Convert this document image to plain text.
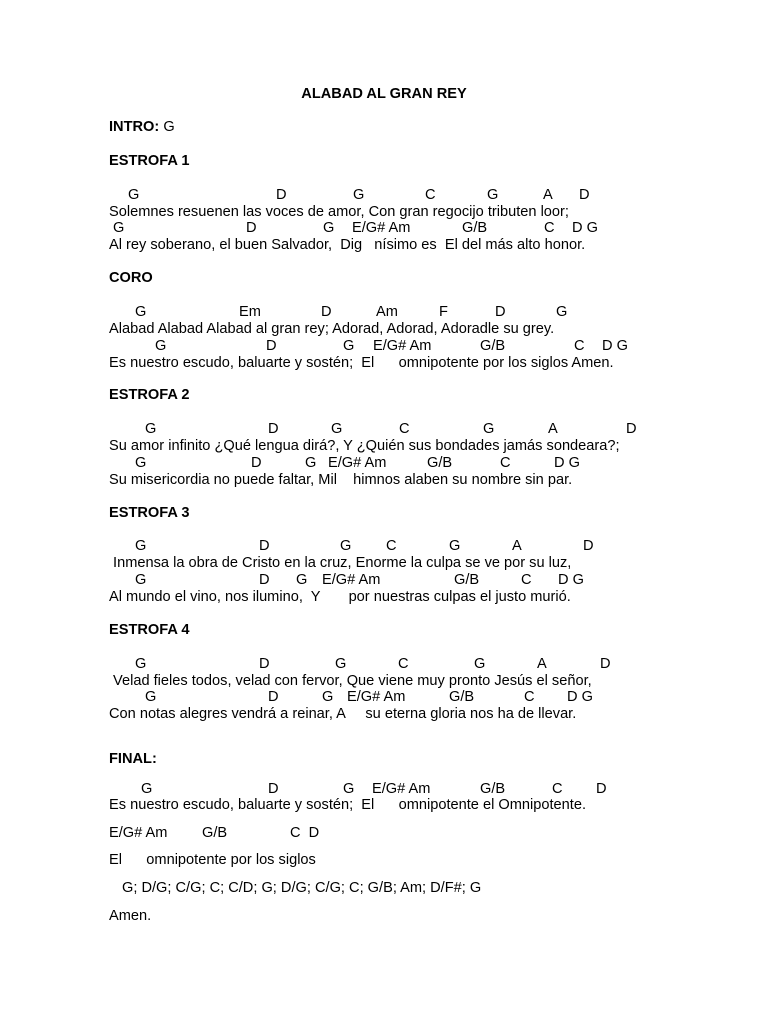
ALABAD AL GRAN REY
INTRO: G
ESTROFA 1
G	D	G	C	G	A D
Solemnes resuenen las voces de amor, Con gran regocijo tributen loor;
G	D	G E/G# Am	G/B	C D G
Al rey soberano, el buen Salvador,  Dig   nísimo es  El del más alto honor.
CORO
G	Em	D	Am	F	D	G
Alabad Alabad Alabad al gran rey; Adorad, Adorad, Adoradle su grey.
G	D	G E/G# Am	G/B	C D G
Es nuestro escudo, baluarte y sostén;  El      omnipotente por los siglos Amen.
ESTROFA 2
G	D	G	C	G	A	D
Su amor infinito ¿Qué lengua dirá?, Y ¿Quién sus bondades jamás sondeara?;
G	D	G E/G# Am	G/B	C	D G
Su misericordia no puede faltar, Mil    himnos alaben su nombre sin par.
ESTROFA 3
G	D	G C	G	A	D
Inmensa la obra de Cristo en la cruz, Enorme la culpa se ve por su luz,
G	D G E/G# Am	G/B	C D G
Al mundo el vino, nos ilumino,  Y       por nuestras culpas el justo murió.
ESTROFA 4
G	D	G	C	G	A	D
Velad fieles todos, velad con fervor, Que viene muy pronto Jesús el señor,
G	D	G E/G# Am	G/B	C D G
Con notas alegres vendrá a reinar, A     su eterna gloria nos ha de llevar.
FINAL:
G	D	G E/G# Am	G/B	C D
Es nuestro escudo, baluarte y sostén;  El      omnipotente el Omnipotente.
E/G# Am G/B	C  D
El      omnipotente por los siglos
G; D/G; C/G; C; C/D; G; D/G; C/G; C; G/B; Am; D/F#; G
Amen.
